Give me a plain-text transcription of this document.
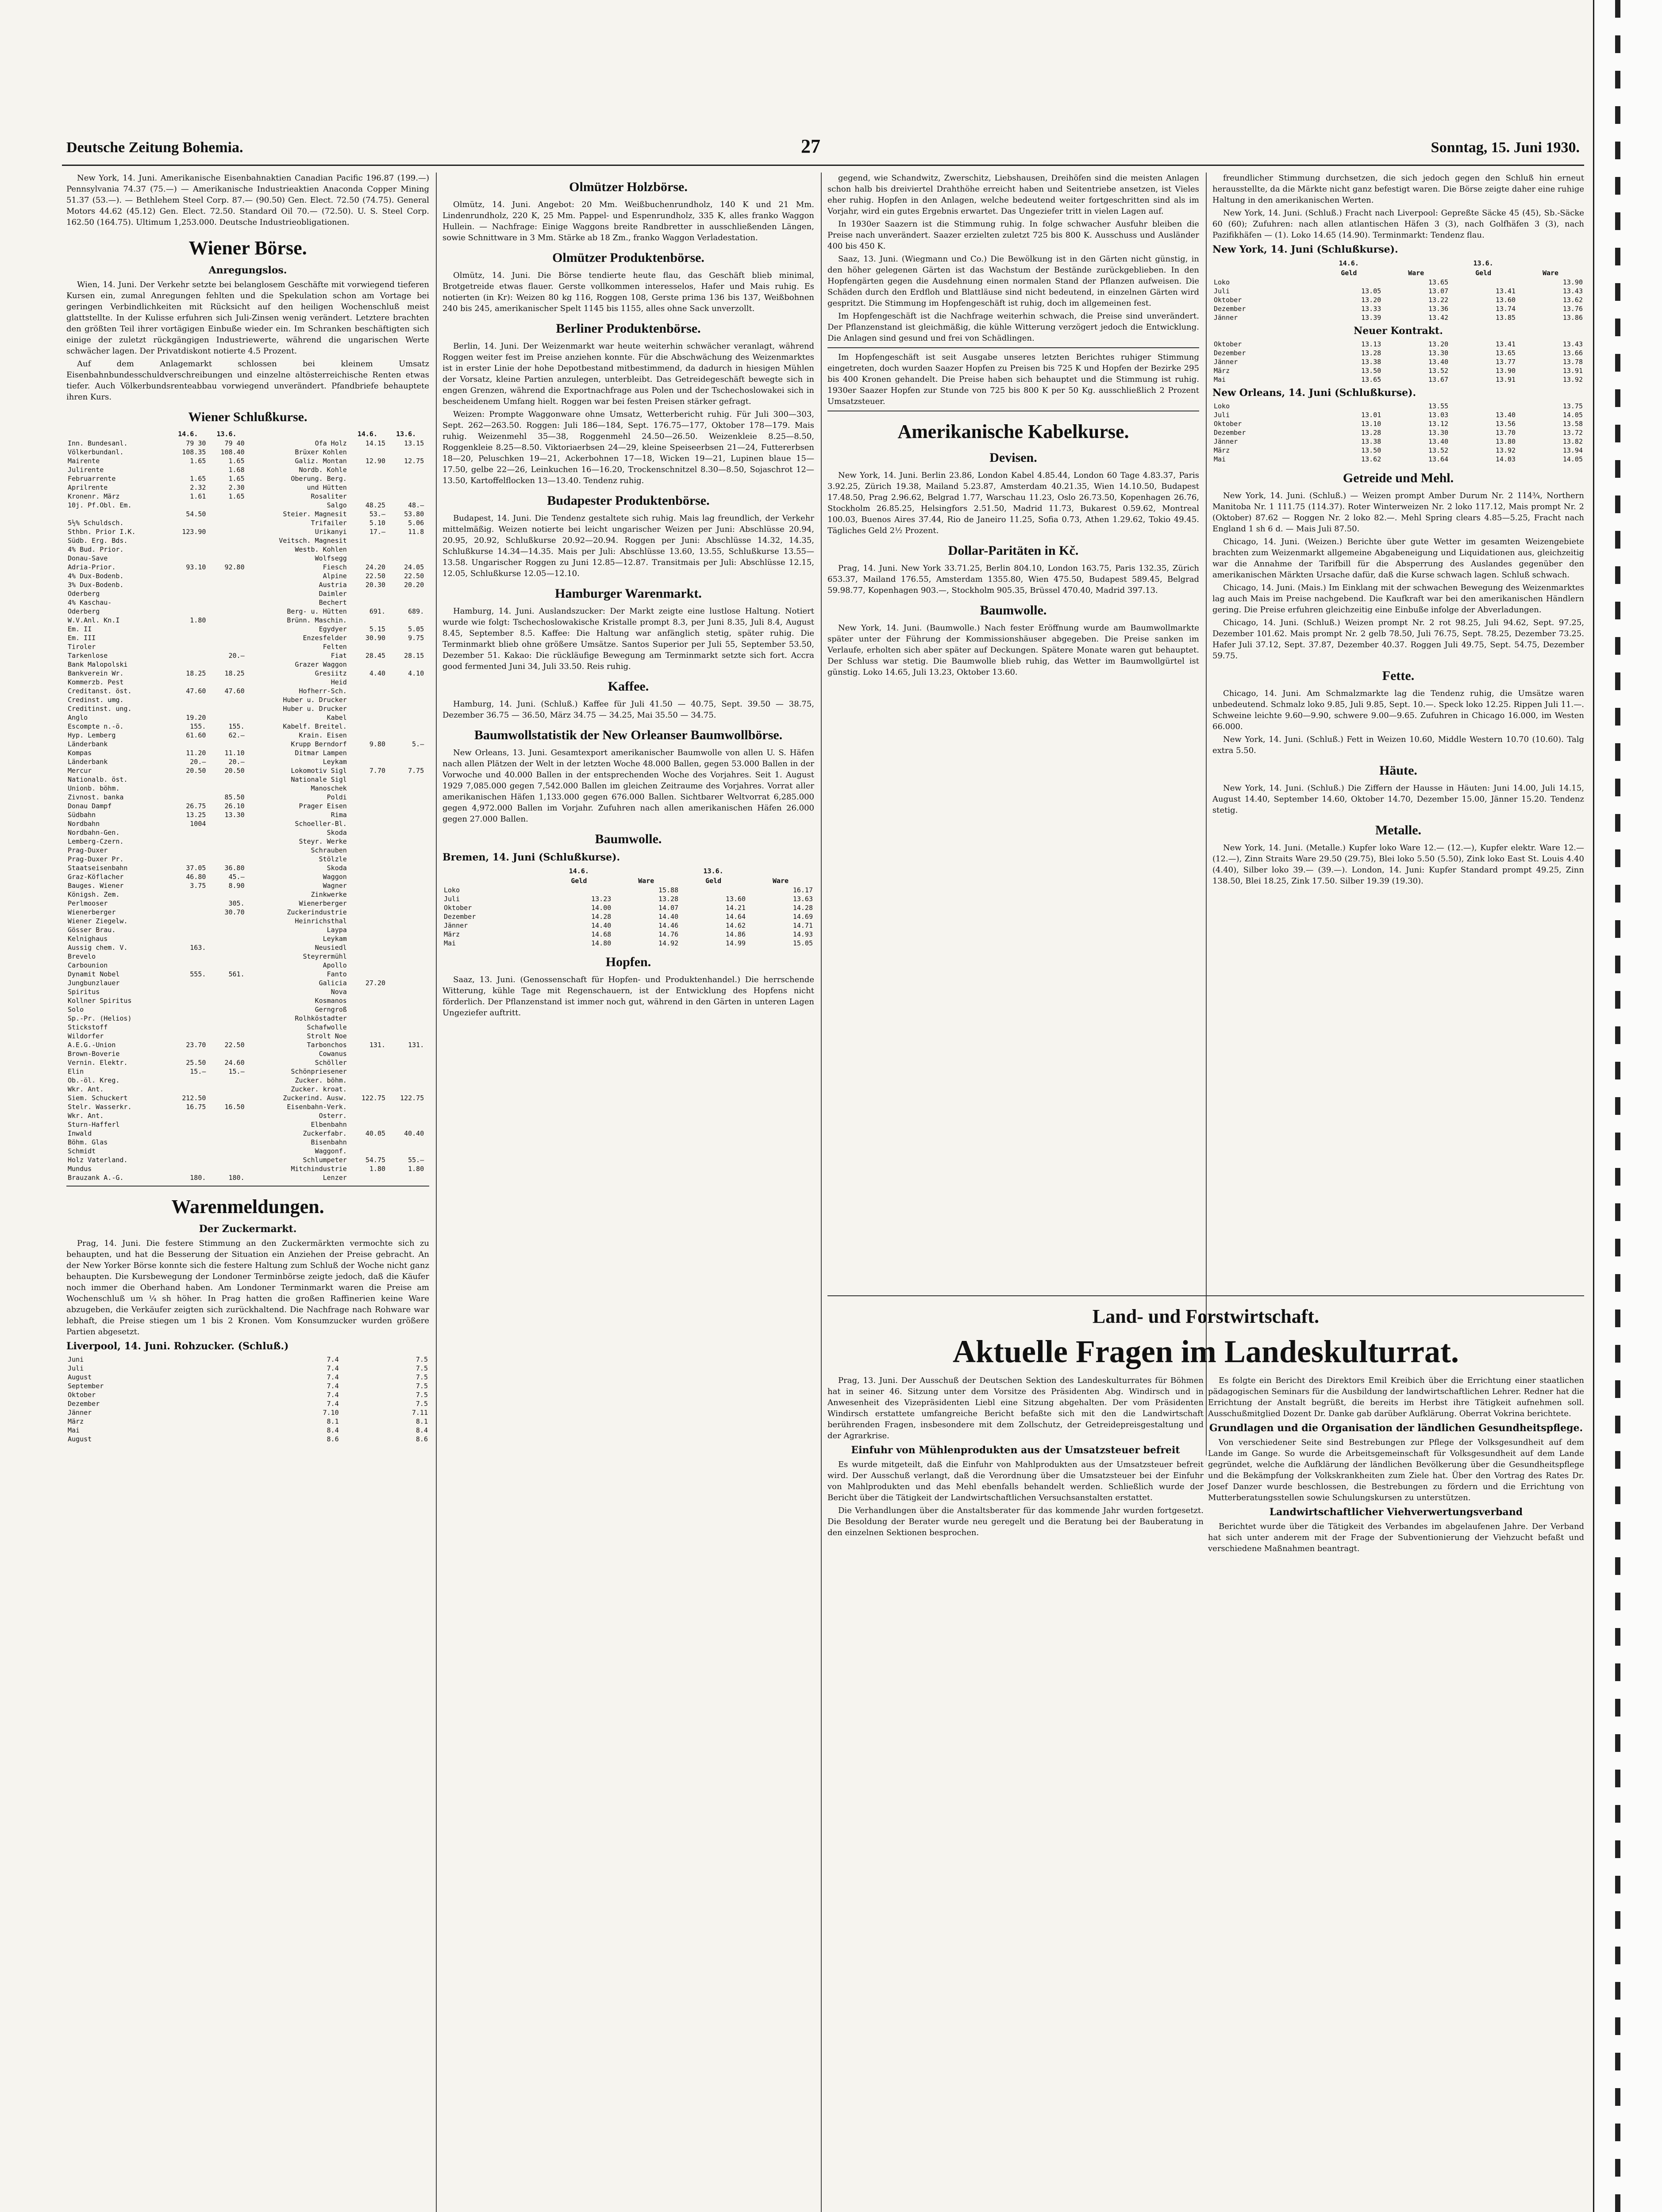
Deutsche Zeitung Bohemia.	27	Sonntag, 15. Juni 1930.

New York, 14. Juni. Amerikanische Eisenbahnaktien Canadian Pacific 196.87 (199.—) Pennsylvania 74.37 (75.—) — Amerikanische Industrieaktien Anaconda Copper Mining 51.37 (53.—). — Bethlehem Steel Corp. 87.— (90.50) Gen. Elect. 72.50 (74.75). General Motors 44.62 (45.12) Gen. Elect. 72.50. Standard Oil 70.— (72.50). U. S. Steel Corp. 162.50 (164.75). Ultimum 1,253.000. Deutsche Industrieobligationen.

Wiener Börse.
Anregungslos.

Wien, 14. Juni. Der Verkehr setzte bei belanglosem Geschäfte mit vorwiegend tieferen Kursen ein, zumal Anregungen fehlten und die Spekulation schon am Vortage bei geringen Verbindlichkeiten mit Rücksicht auf den heiligen Wochenschluß meist glattstellte. In der Kulisse erfuhren sich Juli-Zinsen wenig verändert. Letztere brachten den größten Teil ihrer vortägigen Einbuße wieder ein. Im Schranken beschäftigten sich einige der zuletzt rückgängigen Industriewerte, während die ungarischen Werte schwächer lagen. Der Privatdiskont notierte 4.5 Prozent.

Auf dem Anlagemarkt schlossen bei kleinem Umsatz Eisenbahnbundesschuldverschreibungen und einzelne altösterreichische Renten etwas tiefer. Auch Völkerbundsrenteabbau vorwiegend unverändert. Pfandbriefe behauptete ihren Kurs.

Wiener Schlußkurse.
	14.6.	13.6.		14.6.	13.6.	
Inn. Bundesanl.	79 30	79 40	Ofa Holz	14.15	13.15	
Völkerbundanl.	108.35	108.40	Brüxer Kohlen			
Mairente	1.65	1.65	Galiz. Montan	12.90	12.75	
Julirente		1.68	Nordb. Kohle			
Februarrente	1.65	1.65	Oberung. Berg.			
Aprilrente	2.32	2.30	und Hütten			
Kronenr. März	1.61	1.65	Rosaliter			
10j. Pf.Obl. Em.			Salgo	48.25	48.—	
	54.50		Steier. Magnesit	53.—	53.80	
5½% Schuldsch.			Trifailer	5.10	5.06	
Sthbn. Prior I.K.	123.90		Urikanyi	17.—	11.8	
Südb. Erg. Bds.			Veitsch. Magnesit			
4% Bud. Prior.			Westb. Kohlen			
Donau-Save			Wolfsegg			
Adria-Prior.	93.10	92.80	Fiesch	24.20	24.05	
4% Dux-Bodenb.			Alpine	22.50	22.50	
3% Dux-Bodenb.			Austria	20.30	20.20	
Oderberg			Daimler			
4% Kaschau-			Bechert			
Oderberg			Berg- u. Hütten	691.	689.	
W.V.Anl. Kn.I	1.80		Brünn. Maschin.			
Em. II			Egydyer	5.15	5.05	
Em. III			Enzesfelder	30.90	9.75	
Tiroler			Felten			
Tarkenlose		20.—	Fiat	28.45	28.15	
Bank Malopolski			Grazer Waggon			
Bankverein Wr.	18.25	18.25	Gresiitz	4.40	4.10	
Kommerzb. Pest			Heid			
Creditanst. öst.	47.60	47.60	Hofherr-Sch.			
Credinst. umg.			Huber u. Drucker			
Creditinst. ung.			Huber u. Drucker			
Anglo	19.20		Kabel			
Escompte n.-ö.	155.	155.	Kabelf. Breitel.			
Hyp. Lemberg	61.60	62.—	Krain. Eisen			
Länderbank			Krupp Berndorf	9.80	5.—	
Kompas	11.20	11.10	Ditmar Lampen			
Länderbank	20.—	20.—	Leykam			
Mercur	20.50	20.50	Lokomotiv Sigl	7.70	7.75	
Nationalb. öst.			Nationale Sigl			
Unionb. böhm.			Manoschek			
Zivnost. banka		85.50	Poldi			
Donau Dampf	26.75	26.10	Prager Eisen			
Südbahn	13.25	13.30	Rima			
Nordbahn	1004		Schoeller-Bl.			
Nordbahn-Gen.			Skoda			
Lemberg-Czern.			Steyr. Werke			
Prag-Duxer			Schrauben			
Prag-Duxer Pr.			Stölzle			
Staatseisenbahn	37.05	36.80	Skoda			
Graz-Köflacher	46.80	45.—	Waggon			
Bauges. Wiener	3.75	8.90	Wagner			
Königsh. Zem.			Zinkwerke			
Perlmooser		305.	Wienerberger			
Wienerberger		30.70	Zuckerindustrie			
Wiener Ziegelw.			Heinrichsthal			
Gösser Brau.			Laypa			
Kelnighaus			Leykam			
Aussig chem. V.	163.		Neusiedl			
Brevelo			Steyrermühl			
Carbounion			Apollo			
Dynamit Nobel	555.	561.	Fanto			
Jungbunzlauer			Galicia	27.20		
Spiritus			Nova			
Kollner Spiritus			Kosmanos			
Solo			Gerngroß			
Sp.-Pr. (Helios)			Rolhköstadter			
Stickstoff			Schafwolle			
Wildorfer			Strolt Noe			
A.E.G.-Union	23.70	22.50	Tarbonchos	131.	131.	
Brown-Boverie			Cowanus			
Vernin. Elektr.	25.50	24.60	Schöller			
Elin	15.—	15.—	Schönpriesener			
Ob.-öl. Kreg.			Zucker. böhm.			
Wkr. Ant.			Zucker. kroat.			
Siem. Schuckert	212.50		Zuckerind. Ausw.	122.75	122.75	
Stelr. Wasserkr.	16.75	16.50	Eisenbahn-Verk.			
Wkr. Ant.			Osterr.			
Sturn-Hafferl			Elbenbahn			
Inwald			Zuckerfabr.	40.05	40.40	
Böhm. Glas			Bisenbahn			
Schmidt			Waggonf.			
Holz Vaterland.			Schlumpeter	54.75	55.—	
Mundus			Mitchindustrie	1.80	1.80	
Brauzank A.-G.	180.	180.	Lenzer			
Warenmeldungen.
Der Zuckermarkt.

Prag, 14. Juni. Die festere Stimmung an den Zuckermärkten vermochte sich zu behaupten, und hat die Besserung der Situation ein Anziehen der Preise gebracht. An der New Yorker Börse konnte sich die festere Haltung zum Schluß der Woche nicht ganz behaupten. Die Kursbewegung der Londoner Terminbörse zeigte jedoch, daß die Käufer noch immer die Oberhand haben. Am Londoner Terminmarkt waren die Preise am Wochenschluß um ¼ sh höher. In Prag hatten die großen Raffinerien keine Ware abzugeben, die Verkäufer zeigten sich zurückhaltend. Die Nachfrage nach Rohware war lebhaft, die Preise stiegen um 1 bis 2 Kronen. Vom Konsumzucker wurden größere Partien abgesetzt.

Liverpool, 14. Juni. Rohzucker. (Schluß.)
Juni	7.4	7.5
Juli	7.4	7.5
August	7.4	7.5
September	7.4	7.5
Oktober	7.4	7.5
Dezember	7.4	7.5
Jänner	7.10	7.11
März	8.1	8.1
Mai	8.4	8.4
August	8.6	8.6
Olmützer Holzbörse.

Olmütz, 14. Juni. Angebot: 20 Mm. Weißbuchenrundholz, 140 K und 21 Mm. Lindenrundholz, 220 K, 25 Mm. Pappel- und Espenrundholz, 335 K, alles franko Waggon Hullein. — Nachfrage: Einige Waggons breite Randbretter in ausschließenden Längen, sowie Schnittware in 3 Mm. Stärke ab 18 Zm., franko Waggon Verladestation.

Olmützer Produktenbörse.

Olmütz, 14. Juni. Die Börse tendierte heute flau, das Geschäft blieb minimal, Brotgetreide etwas flauer. Gerste vollkommen interesselos, Hafer und Mais ruhig. Es notierten (in Kr): Weizen 80 kg 116, Roggen 108, Gerste prima 136 bis 137, Weißbohnen 240 bis 245, amerikanischer Spelt 1145 bis 1155, alles ohne Sack unverzollt.

Berliner Produktenbörse.

Berlin, 14. Juni. Der Weizenmarkt war heute weiterhin schwächer veranlagt, während Roggen weiter fest im Preise anziehen konnte. Für die Abschwächung des Weizenmarktes ist in erster Linie der hohe Depotbestand mitbestimmend, da dadurch in hiesigen Mühlen der Vorsatz, kleine Partien anzulegen, unterbleibt. Das Getreidegeschäft bewegte sich in engen Grenzen, während die Exportnachfrage aus Polen und der Tschechoslowakei sich in bescheidenem Umfang hielt. Roggen war bei festen Preisen stärker gefragt.

Weizen: Prompte Waggonware ohne Umsatz, Wetterbericht ruhig. Für Juli 300—303, Sept. 262—263.50. Roggen: Juli 186—184, Sept. 176.75—177, Oktober 178—179. Mais ruhig. Weizenmehl 35—38, Roggenmehl 24.50—26.50. Weizenkleie 8.25—8.50, Roggenkleie 8.25—8.50. Viktoriaerbsen 24—29, kleine Speiseerbsen 21—24, Futtererbsen 18—20, Peluschken 19—21, Ackerbohnen 17—18, Wicken 19—21, Lupinen blaue 15—17.50, gelbe 22—26, Leinkuchen 16—16.20, Trockenschnitzel 8.30—8.50, Sojaschrot 12—13.50, Kartoffelflocken 13—13.40. Tendenz ruhig.

Budapester Produktenbörse.

Budapest, 14. Juni. Die Tendenz gestaltete sich ruhig. Mais lag freundlich, der Verkehr mittelmäßig. Weizen notierte bei leicht ungarischer Weizen per Juni: Abschlüsse 20.94, 20.95, 20.92, Schlußkurse 20.92—20.94. Roggen per Juni: Abschlüsse 14.32, 14.35, Schlußkurse 14.34—14.35. Mais per Juli: Abschlüsse 13.60, 13.55, Schlußkurse 13.55—13.58. Ungarischer Roggen zu Juni 12.85—12.87. Transitmais per Juli: Abschlüsse 12.15, 12.05, Schlußkurse 12.05—12.10.

Hamburger Warenmarkt.

Hamburg, 14. Juni. Auslandszucker: Der Markt zeigte eine lustlose Haltung. Notiert wurde wie folgt: Tschechoslowakische Kristalle prompt 8.3, per Juni 8.35, Juli 8.4, August 8.45, September 8.5. Kaffee: Die Haltung war anfänglich stetig, später ruhig. Die Terminmarkt blieb ohne größere Umsätze. Santos Superior per Juli 55, September 53.50, Dezember 51. Kakao: Die rückläufige Bewegung am Terminmarkt setzte sich fort. Accra good fermented Juni 34, Juli 33.50. Reis ruhig.

Kaffee.

Hamburg, 14. Juni. (Schluß.) Kaffee für Juli 41.50 — 40.75, Sept. 39.50 — 38.75, Dezember 36.75 — 36.50, März 34.75 — 34.25, Mai 35.50 — 34.75.

Baumwollstatistik der New Orleanser Baumwollbörse.

New Orleans, 13. Juni. Gesamtexport amerikanischer Baumwolle von allen U. S. Häfen nach allen Plätzen der Welt in der letzten Woche 48.000 Ballen, gegen 53.000 Ballen in der Vorwoche und 40.000 Ballen in der entsprechenden Woche des Vorjahres. Seit 1. August 1929 7,085.000 gegen 7,542.000 Ballen im gleichen Zeitraume des Vorjahres. Vorrat aller amerikanischen Häfen 1,133.000 gegen 676.000 Ballen. Sichtbarer Weltvorrat 6,285.000 gegen 4,972.000 Ballen im Vorjahr. Zufuhren nach allen amerikanischen Häfen 26.000 gegen 27.000 Ballen.

Baumwolle.
Bremen, 14. Juni (Schlußkurse).
	14.6.		13.6.	
	Geld	Ware	Geld	Ware
Loko		15.88		16.17
Juli	13.23	13.28	13.60	13.63
Oktober	14.00	14.07	14.21	14.28
Dezember	14.28	14.40	14.64	14.69
Jänner	14.40	14.46	14.62	14.71
März	14.68	14.76	14.86	14.93
Mai	14.80	14.92	14.99	15.05
Hopfen.

Saaz, 13. Juni. (Genossenschaft für Hopfen- und Produktenhandel.) Die herrschende Witterung, kühle Tage mit Regenschauern, ist der Entwicklung des Hopfens nicht förderlich. Der Pflanzenstand ist immer noch gut, während in den Gärten in unteren Lagen Ungeziefer auftritt.

gegend, wie Schandwitz, Zwerschitz, Liebshausen, Dreihöfen sind die meisten Anlagen schon halb bis dreiviertel Drahthöhe erreicht haben und Seitentriebe ansetzen, ist Vieles eher ruhig. Hopfen in den Anlagen, welche bedeutend weiter fortgeschritten sind als im Vorjahr, wird ein gutes Ergebnis erwartet. Das Ungeziefer tritt in vielen Lagen auf.

In 1930er Saazern ist die Stimmung ruhig. In folge schwacher Ausfuhr bleiben die Preise nach unverändert. Saazer erzielten zuletzt 725 bis 800 K. Ausschuss und Ausländer 400 bis 450 K.

Saaz, 13. Juni. (Wiegmann und Co.) Die Bewölkung ist in den Gärten nicht günstig, in den höher gelegenen Gärten ist das Wachstum der Bestände zurückgeblieben. In den Hopfengärten gegen die Ausdehnung einen normalen Stand der Pflanzen aufweisen. Die Schäden durch den Erdfloh und Blattläuse sind nicht bedeutend, in einzelnen Gärten wird gespritzt. Die Stimmung im Hopfengeschäft ist ruhig, doch im allgemeinen fest.

Im Hopfengeschäft ist die Nachfrage weiterhin schwach, die Preise sind unverändert. Der Pflanzenstand ist gleichmäßig, die kühle Witterung verzögert jedoch die Entwicklung. Die Anlagen sind gesund und frei von Schädlingen.

Im Hopfengeschäft ist seit Ausgabe unseres letzten Berichtes ruhiger Stimmung eingetreten, doch wurden Saazer Hopfen zu Preisen bis 725 K und Hopfen der Bezirke 295 bis 400 Kronen gehandelt. Die Preise haben sich behauptet und die Stimmung ist ruhig. 1930er Saazer Hopfen zur Stunde von 725 bis 800 K per 50 Kg. ausschließlich 2 Prozent Umsatzsteuer.

Amerikanische Kabelkurse.
Devisen.

New York, 14. Juni. Berlin 23.86, London Kabel 4.85.44, London 60 Tage 4.83.37, Paris 3.92.25, Zürich 19.38, Mailand 5.23.87, Amsterdam 40.21.35, Wien 14.10.50, Budapest 17.48.50, Prag 2.96.62, Belgrad 1.77, Warschau 11.23, Oslo 26.73.50, Kopenhagen 26.76, Stockholm 26.85.25, Helsingfors 2.51.50, Madrid 11.73, Bukarest 0.59.62, Montreal 100.03, Buenos Aires 37.44, Rio de Janeiro 11.25, Sofia 0.73, Athen 1.29.62, Tokio 49.45. Tägliches Geld 2½ Prozent.

Dollar-Paritäten in Kč.

Prag, 14. Juni. New York 33.71.25, Berlin 804.10, London 163.75, Paris 132.35, Zürich 653.37, Mailand 176.55, Amsterdam 1355.80, Wien 475.50, Budapest 589.45, Belgrad 59.98.77, Kopenhagen 903.—, Stockholm 905.35, Brüssel 470.40, Madrid 397.13.

Baumwolle.

New York, 14. Juni. (Baumwolle.) Nach fester Eröffnung wurde am Baumwollmarkte später unter der Führung der Kommissionshäuser abgegeben. Die Preise sanken im Verlaufe, erholten sich aber später auf Deckungen. Spätere Monate waren gut behauptet. Der Schluss war stetig. Die Baumwolle blieb ruhig, das Wetter im Baumwollgürtel ist günstig. Loko 14.65, Juli 13.23, Oktober 13.60.

freundlicher Stimmung durchsetzen, die sich jedoch gegen den Schluß hin erneut herausstellte, da die Märkte nicht ganz befestigt waren. Die Börse zeigte daher eine ruhige Haltung in den amerikanischen Werten.

New York, 14. Juni. (Schluß.) Fracht nach Liverpool: Gepreßte Säcke 45 (45), Sb.-Säcke 60 (60); Zufuhren: nach allen atlantischen Häfen 3 (3), nach Golfhäfen 3 (3), nach Pazifikhäfen — (1). Loko 14.65 (14.90). Terminmarkt: Tendenz flau.

New York, 14. Juni (Schlußkurse).
	14.6.		13.6.	
	Geld	Ware	Geld	Ware
Loko		13.65		13.90
Juli	13.05	13.07	13.41	13.43
Oktober	13.20	13.22	13.60	13.62
Dezember	13.33	13.36	13.74	13.76
Jänner	13.39	13.42	13.85	13.86
Neuer Kontrakt.
Oktober	13.13	13.20	13.41	13.43
Dezember	13.28	13.30	13.65	13.66
Jänner	13.38	13.40	13.77	13.78
März	13.50	13.52	13.90	13.91
Mai	13.65	13.67	13.91	13.92
New Orleans, 14. Juni (Schlußkurse).
Loko		13.55		13.75
Juli	13.01	13.03	13.40	14.05
Oktober	13.10	13.12	13.56	13.58
Dezember	13.28	13.30	13.70	13.72
Jänner	13.38	13.40	13.80	13.82
März	13.50	13.52	13.92	13.94
Mai	13.62	13.64	14.03	14.05
Getreide und Mehl.

New York, 14. Juni. (Schluß.) — Weizen prompt Amber Durum Nr. 2 114¾, Northern Manitoba Nr. 1 111.75 (114.37). Roter Winterweizen Nr. 2 loko 117.12, Mais prompt Nr. 2 (Oktober) 87.62 — Roggen Nr. 2 loko 82.—. Mehl Spring clears 4.85—5.25, Fracht nach England 1 sh 6 d. — Mais Juli 87.50.

Chicago, 14. Juni. (Weizen.) Berichte über gute Wetter im gesamten Weizengebiete brachten zum Weizenmarkt allgemeine Abgabeneigung und Liquidationen aus, gleichzeitig war die Annahme der Tarifbill für die Absperrung des Auslandes gegenüber den amerikanischen Märkten Ursache dafür, daß die Kurse schwach lagen. Schluß schwach.

Chicago, 14. Juni. (Mais.) Im Einklang mit der schwachen Bewegung des Weizenmarktes lag auch Mais im Preise nachgebend. Die Kaufkraft war bei den amerikanischen Händlern gering. Die Preise erfuhren gleichzeitig eine Einbuße infolge der Abverladungen.

Chicago, 14. Juni. (Schluß.) Weizen prompt Nr. 2 rot 98.25, Juli 94.62, Sept. 97.25, Dezember 101.62. Mais prompt Nr. 2 gelb 78.50, Juli 76.75, Sept. 78.25, Dezember 73.25. Hafer Juli 37.12, Sept. 37.87, Dezember 40.37. Roggen Juli 49.75, Sept. 54.75, Dezember 59.75.

Fette.

Chicago, 14. Juni. Am Schmalzmarkte lag die Tendenz ruhig, die Umsätze waren unbedeutend. Schmalz loko 9.85, Juli 9.85, Sept. 10.—. Speck loko 12.25. Rippen Juli 11.—. Schweine leichte 9.60—9.90, schwere 9.00—9.65. Zufuhren in Chicago 16.000, im Westen 66.000.

New York, 14. Juni. (Schluß.) Fett in Weizen 10.60, Middle Western 10.70 (10.60). Talg extra 5.50.

Häute.

New York, 14. Juni. (Schluß.) Die Ziffern der Hausse in Häuten: Juni 14.00, Juli 14.15, August 14.40, September 14.60, Oktober 14.70, Dezember 15.00, Jänner 15.20. Tendenz stetig.

Metalle.

New York, 14. Juni. (Metalle.) Kupfer loko Ware 12.— (12.—), Kupfer elektr. Ware 12.— (12.—), Zinn Straits Ware 29.50 (29.75), Blei loko 5.50 (5.50), Zink loko East St. Louis 4.40 (4.40), Silber loko 39.— (39.—). London, 14. Juni: Kupfer Standard prompt 49.25, Zinn 138.50, Blei 18.25, Zink 17.50. Silber 19.39 (19.30).

Land- und Forstwirtschaft.
Aktuelle Fragen im Landeskulturrat.

Prag, 13. Juni. Der Ausschuß der Deutschen Sektion des Landeskulturrates für Böhmen hat in seiner 46. Sitzung unter dem Vorsitze des Präsidenten Abg. Windirsch und in Anwesenheit des Vizepräsidenten Liebl eine Sitzung abgehalten. Der vom Präsidenten Windirsch erstattete umfangreiche Bericht befaßte sich mit den die Landwirtschaft berührenden Fragen, insbesondere mit dem Zollschutz, der Getreidepreisgestaltung und der Agrarkrise.

Einfuhr von Mühlenprodukten aus der Umsatzsteuer befreit

Es wurde mitgeteilt, daß die Einfuhr von Mahlprodukten aus der Umsatzsteuer befreit wird. Der Ausschuß verlangt, daß die Verordnung über die Umsatzsteuer bei der Einfuhr von Mahlprodukten und das Mehl ebenfalls behandelt werden. Schließlich wurde der Bericht über die Tätigkeit der Landwirtschaftlichen Versuchsanstalten erstattet.

Die Verhandlungen über die Anstaltsberater für das kommende Jahr wurden fortgesetzt. Die Besoldung der Berater wurde neu geregelt und die Beratung bei der Bauberatung in den einzelnen Sektionen besprochen.

Es folgte ein Bericht des Direktors Emil Kreibich über die Errichtung einer staatlichen pädagogischen Seminars für die Ausbildung der landwirtschaftlichen Lehrer. Redner hat die Errichtung der Anstalt begrüßt, die bereits im Herbst ihre Tätigkeit aufnehmen soll. Ausschußmitglied Dozent Dr. Danke gab darüber Aufklärung. Oberrat Vokrina berichtete.

Grundlagen und die Organisation der ländlichen Gesundheitspflege.

Von verschiedener Seite sind Bestrebungen zur Pflege der Volksgesundheit auf dem Lande im Gange. So wurde die Arbeitsgemeinschaft für Volksgesundheit auf dem Lande gegründet, welche die Aufklärung der ländlichen Bevölkerung über die Gesundheitspflege und die Bekämpfung der Volkskrankheiten zum Ziele hat. Über den Vortrag des Rates Dr. Josef Danzer wurde beschlossen, die Bestrebungen zu fördern und die Errichtung von Mutterberatungsstellen sowie Schulungskursen zu unterstützen.

Landwirtschaftlicher Viehverwertungsverband

Berichtet wurde über die Tätigkeit des Verbandes im abgelaufenen Jahre. Der Verband hat sich unter anderem mit der Frage der Subventionierung der Viehzucht befaßt und verschiedene Maßnahmen beantragt.
